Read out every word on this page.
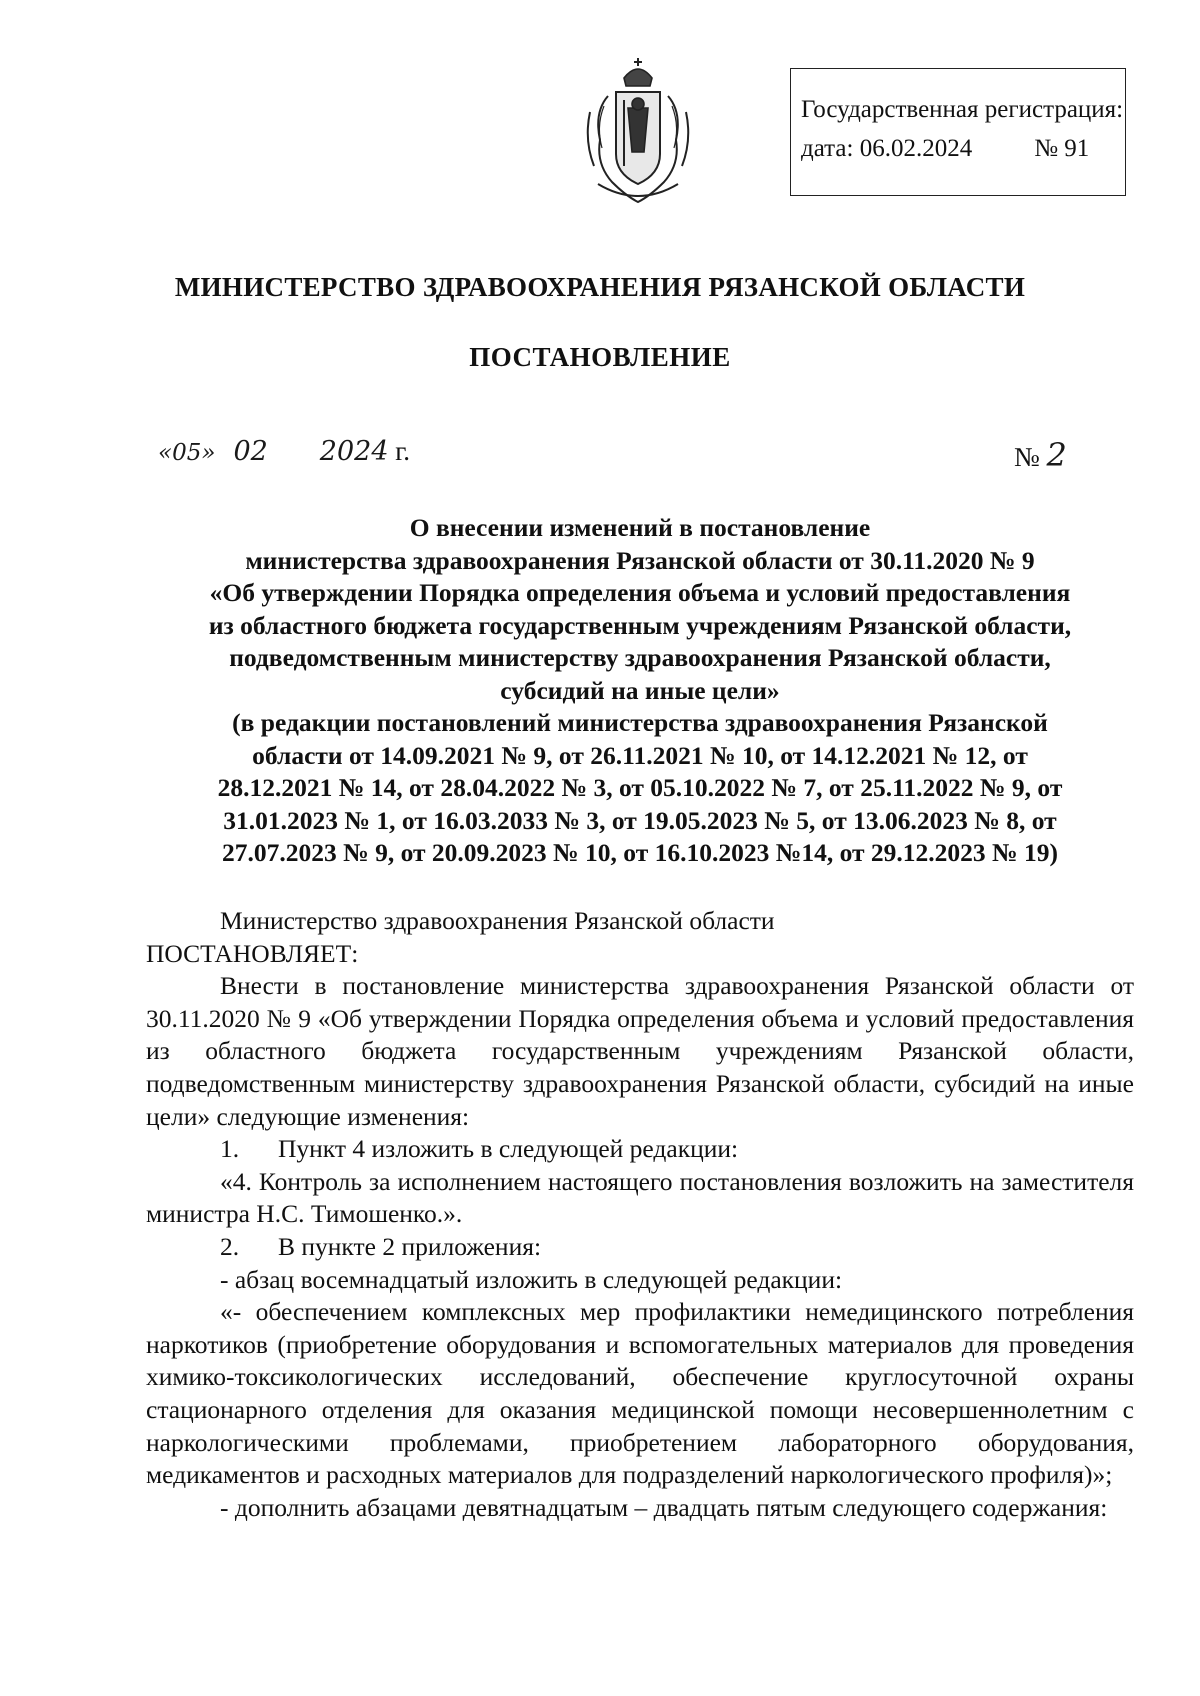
Государственная регистрация:
дата: 06.02.2024 № 91
МИНИСТЕРСТВО ЗДРАВООХРАНЕНИЯ РЯЗАНСКОЙ ОБЛАСТИ
ПОСТАНОВЛЕНИЕ
«05» 02 2024 г.	№ 2
О внесении изменений в постановление
министерства здравоохранения Рязанской области от 30.11.2020 № 9
«Об утверждении Порядка определения объема и условий предоставления
из областного бюджета государственным учреждениям Рязанской области,
подведомственным министерству здравоохранения Рязанской области,
субсидий на иные цели»
(в редакции постановлений министерства здравоохранения Рязанской
области от 14.09.2021 № 9, от 26.11.2021 № 10, от 14.12.2021 № 12, от
28.12.2021 № 14, от 28.04.2022 № 3, от 05.10.2022 № 7, от 25.11.2022 № 9, от
31.01.2023 № 1, от 16.03.2033 № 3, от 19.05.2023 № 5, от 13.06.2023 № 8, от
27.07.2023 № 9, от 20.09.2023 № 10, от 16.10.2023 №14, от 29.12.2023 № 19)
Министерство здравоохранения Рязанской области
ПОСТАНОВЛЯЕТ:
Внести в постановление министерства здравоохранения Рязанской области от 30.11.2020 № 9 «Об утверждении Порядка определения объема и условий предоставления из областного бюджета государственным учреждениям Рязанской области, подведомственным министерству здравоохранения Рязанской области, субсидий на иные цели» следующие изменения:
1. Пункт 4 изложить в следующей редакции:
«4. Контроль за исполнением настоящего постановления возложить на заместителя министра Н.С. Тимошенко.».
2. В пункте 2 приложения:
- абзац восемнадцатый изложить в следующей редакции:
«- обеспечением комплексных мер профилактики немедицинского потребления наркотиков (приобретение оборудования и вспомогательных материалов для проведения химико-токсикологических исследований, обеспечение круглосуточной охраны стационарного отделения для оказания медицинской помощи несовершеннолетним с наркологическими проблемами, приобретением лабораторного оборудования, медикаментов и расходных материалов для подразделений наркологического профиля)»;
- дополнить абзацами девятнадцатым – двадцать пятым следующего содержания:
